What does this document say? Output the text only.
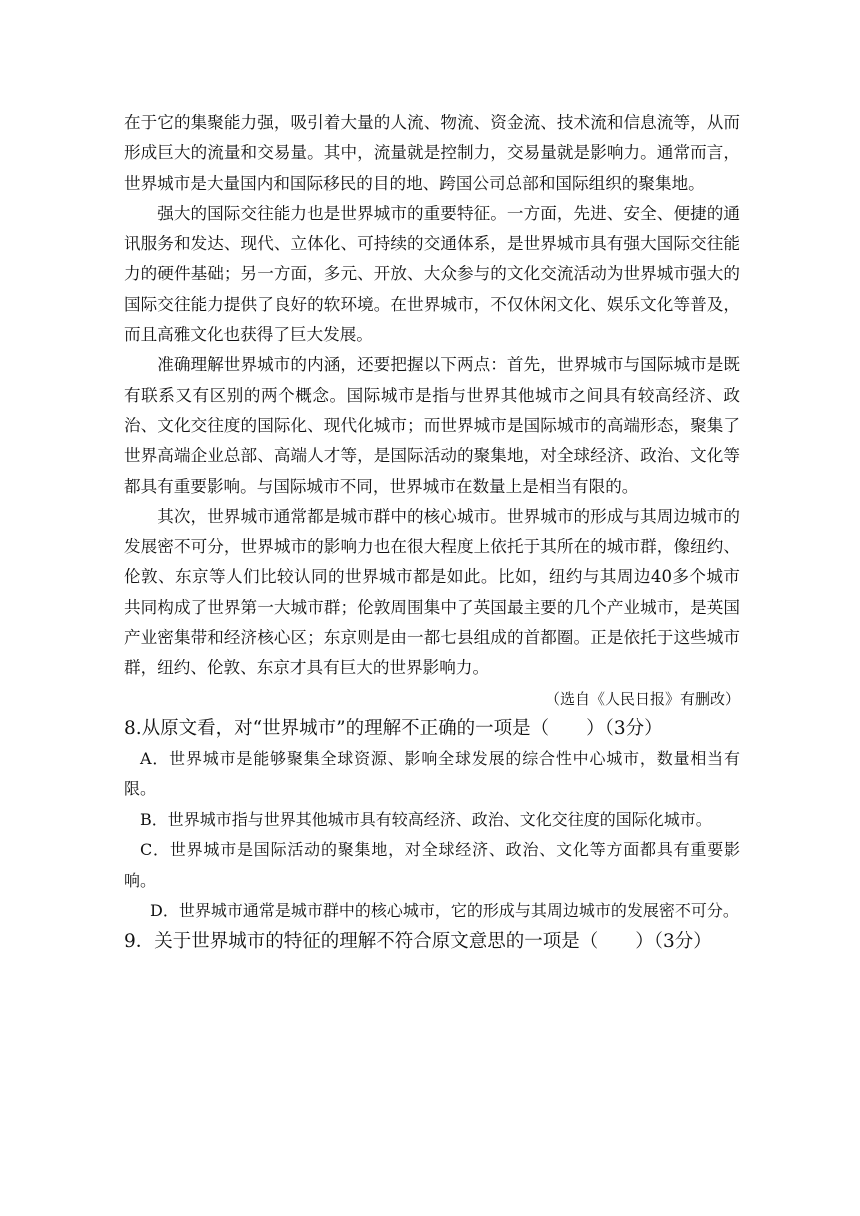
在于它的集聚能力强，吸引着大量的人流、物流、资金流、技术流和信息流等，从而形成巨大的流量和交易量。其中，流量就是控制力，交易量就是影响力。通常而言，世界城市是大量国内和国际移民的目的地、跨国公司总部和国际组织的聚集地。

强大的国际交往能力也是世界城市的重要特征。一方面，先进、安全、便捷的通讯服务和发达、现代、立体化、可持续的交通体系，是世界城市具有强大国际交往能力的硬件基础；另一方面，多元、开放、大众参与的文化交流活动为世界城市强大的国际交往能力提供了良好的软环境。在世界城市，不仅休闲文化、娱乐文化等普及，而且高雅文化也获得了巨大发展。

准确理解世界城市的内涵，还要把握以下两点：首先，世界城市与国际城市是既有联系又有区别的两个概念。国际城市是指与世界其他城市之间具有较高经济、政治、文化交往度的国际化、现代化城市；而世界城市是国际城市的高端形态，聚集了世界高端企业总部、高端人才等，是国际活动的聚集地，对全球经济、政治、文化等都具有重要影响。与国际城市不同，世界城市在数量上是相当有限的。

其次，世界城市通常都是城市群中的核心城市。世界城市的形成与其周边城市的发展密不可分，世界城市的影响力也在很大程度上依托于其所在的城市群，像纽约、伦敦、东京等人们比较认同的世界城市都是如此。比如，纽约与其周边40多个城市共同构成了世界第一大城市群；伦敦周围集中了英国最主要的几个产业城市，是英国产业密集带和经济核心区；东京则是由一都七县组成的首都圈。正是依托于这些城市群，纽约、伦敦、东京才具有巨大的世界影响力。

（选自《人民日报》有删改）

8.从原文看，对“世界城市”的理解不正确的一项是（　　）（3分）

A．世界城市是能够聚集全球资源、影响全球发展的综合性中心城市，数量相当有限。

B．世界城市指与世界其他城市具有较高经济、政治、文化交往度的国际化城市。

C．世界城市是国际活动的聚集地，对全球经济、政治、文化等方面都具有重要影响。

D．世界城市通常是城市群中的核心城市，它的形成与其周边城市的发展密不可分。

9．关于世界城市的特征的理解不符合原文意思的一项是（　　）（3分）
